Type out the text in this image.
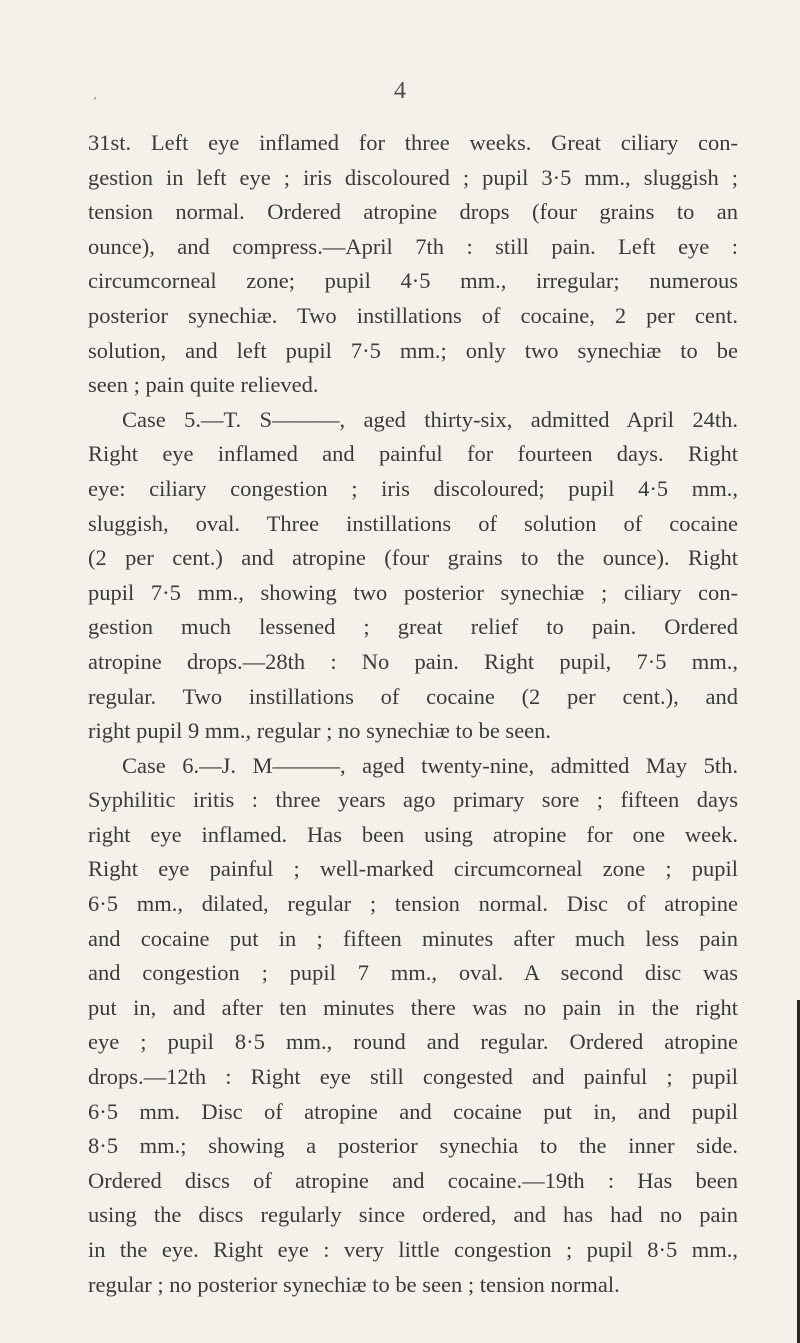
4
ʼ
31st. Left eye inflamed for three weeks. Great ciliary con-
gestion in left eye ; iris discoloured ; pupil 3·5 mm., sluggish ;
tension normal. Ordered atropine drops (four grains to an
ounce), and compress.—April 7th : still pain. Left eye :
circumcorneal zone; pupil 4·5 mm., irregular; numerous
posterior synechiæ. Two instillations of cocaine, 2 per cent.
solution, and left pupil 7·5 mm.; only two synechiæ to be
seen ; pain quite relieved.
Case 5.—T. S———, aged thirty-six, admitted April 24th.
Right eye inflamed and painful for fourteen days. Right
eye: ciliary congestion ; iris discoloured; pupil 4·5 mm.,
sluggish, oval. Three instillations of solution of cocaine
(2 per cent.) and atropine (four grains to the ounce). Right
pupil 7·5 mm., showing two posterior synechiæ ; ciliary con-
gestion much lessened ; great relief to pain. Ordered
atropine drops.—28th : No pain. Right pupil, 7·5 mm.,
regular. Two instillations of cocaine (2 per cent.), and
right pupil 9 mm., regular ; no synechiæ to be seen.
Case 6.—J. M———, aged twenty-nine, admitted May 5th.
Syphilitic iritis : three years ago primary sore ; fifteen days
right eye inflamed. Has been using atropine for one week.
Right eye painful ; well-marked circumcorneal zone ; pupil
6·5 mm., dilated, regular ; tension normal. Disc of atropine
and cocaine put in ; fifteen minutes after much less pain
and congestion ; pupil 7 mm., oval. A second disc was
put in, and after ten minutes there was no pain in the right
eye ; pupil 8·5 mm., round and regular. Ordered atropine
drops.—12th : Right eye still congested and painful ; pupil
6·5 mm. Disc of atropine and cocaine put in, and pupil
8·5 mm.; showing a posterior synechia to the inner side.
Ordered discs of atropine and cocaine.—19th : Has been
using the discs regularly since ordered, and has had no pain
in the eye. Right eye : very little congestion ; pupil 8·5 mm.,
regular ; no posterior synechiæ to be seen ; tension normal.
